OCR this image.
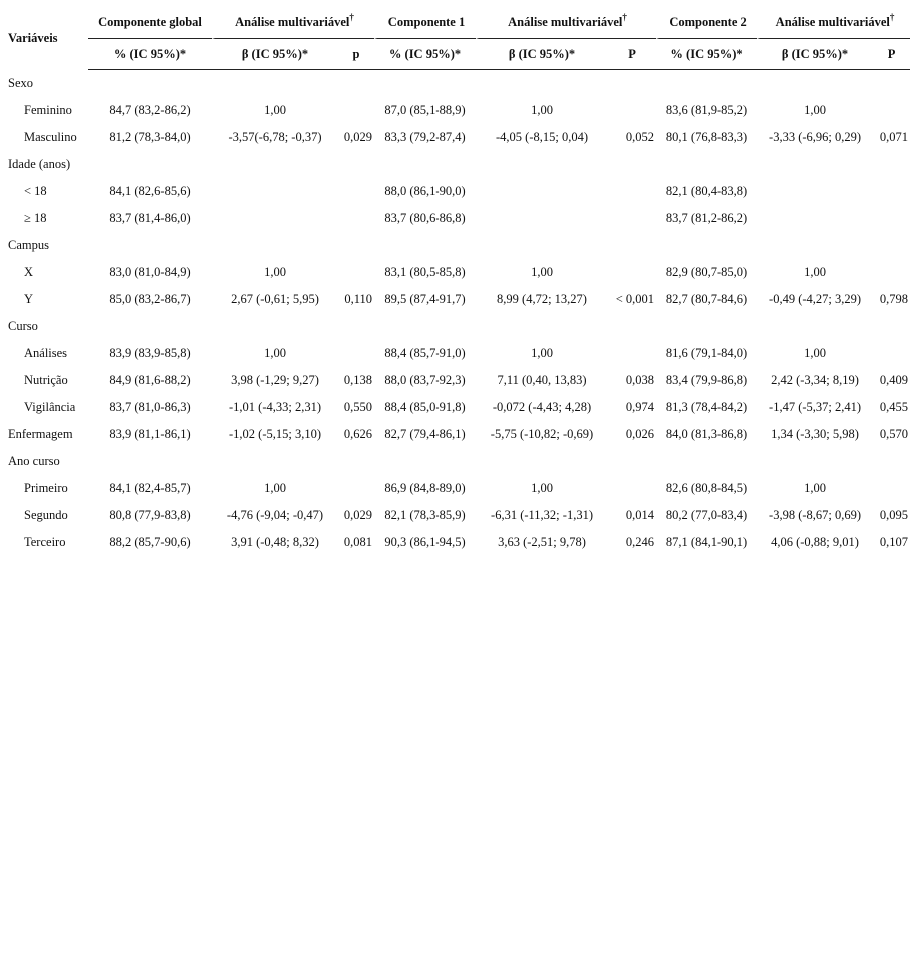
Variáveis	Componente global	Análise multivariável†		Componente 1	Análise multivariável†		Componente 2	Análise multivariável†
	% (IC 95%)*	β (IC 95%)*	p	% (IC 95%)*	β (IC 95%)*	P	% (IC 95%)*	β (IC 95%)*	P
Sexo									
Feminino	84,7 (83,2-86,2)	1,00		87,0 (85,1-88,9)	1,00		83,6 (81,9-85,2)	1,00	
Masculino	81,2 (78,3-84,0)	-3,57(-6,78; -0,37)	0,029	83,3 (79,2-87,4)	-4,05 (-8,15; 0,04)	0,052	80,1 (76,8-83,3)	-3,33 (-6,96; 0,29)	0,071
Idade (anos)									
< 18	84,1 (82,6-85,6)			88,0 (86,1-90,0)			82,1 (80,4-83,8)		
≥ 18	83,7 (81,4-86,0)			83,7 (80,6-86,8)			83,7 (81,2-86,2)		
Campus									
X	83,0 (81,0-84,9)	1,00		83,1 (80,5-85,8)	1,00		82,9 (80,7-85,0)	1,00	
Y	85,0 (83,2-86,7)	2,67 (-0,61; 5,95)	0,110	89,5 (87,4-91,7)	8,99 (4,72; 13,27)	< 0,001	82,7 (80,7-84,6)	-0,49 (-4,27; 3,29)	0,798
Curso									
Análises	83,9 (83,9-85,8)	1,00		88,4 (85,7-91,0)	1,00		81,6 (79,1-84,0)	1,00	
Nutrição	84,9 (81,6-88,2)	3,98 (-1,29; 9,27)	0,138	88,0 (83,7-92,3)	7,11 (0,40, 13,83)	0,038	83,4 (79,9-86,8)	2,42 (-3,34; 8,19)	0,409
Vigilância	83,7 (81,0-86,3)	-1,01 (-4,33; 2,31)	0,550	88,4 (85,0-91,8)	-0,072 (-4,43; 4,28)	0,974	81,3 (78,4-84,2)	-1,47 (-5,37; 2,41)	0,455
Enfermagem	83,9 (81,1-86,1)	-1,02 (-5,15; 3,10)	0,626	82,7 (79,4-86,1)	-5,75 (-10,82; -0,69)	0,026	84,0 (81,3-86,8)	1,34 (-3,30; 5,98)	0,570
Ano curso									
Primeiro	84,1 (82,4-85,7)	1,00		86,9 (84,8-89,0)	1,00		82,6 (80,8-84,5)	1,00	
Segundo	80,8 (77,9-83,8)	-4,76 (-9,04; -0,47)	0,029	82,1 (78,3-85,9)	-6,31 (-11,32; -1,31)	0,014	80,2 (77,0-83,4)	-3,98 (-8,67; 0,69)	0,095
Terceiro	88,2 (85,7-90,6)	3,91 (-0,48; 8,32)	0,081	90,3 (86,1-94,5)	3,63 (-2,51; 9,78)	0,246	87,1 (84,1-90,1)	4,06 (-0,88; 9,01)	0,107
